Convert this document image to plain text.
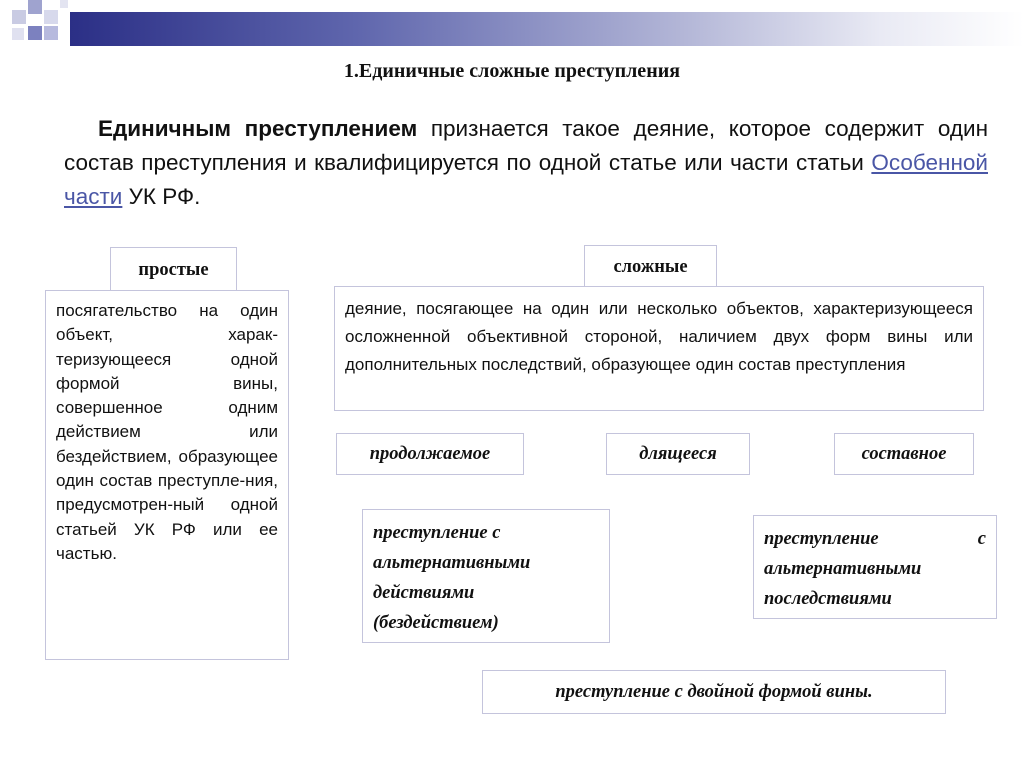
1.Единичные сложные преступления
Единичным преступлением признается такое деяние, которое содержит один состав преступления и квалифицируется по одной статье или части статьи Особенной части УК РФ.
простые
посягательство на один объект, харак-теризующееся одной формой вины, совершенное одним действием или бездействием, образующее один состав преступле-ния, предусмотрен-ный одной статьей УК РФ или ее частью.
сложные
деяние, посягающее на один или несколько объектов, характеризующееся осложненной объективной стороной, наличием двух форм вины или дополнительных последствий, образующее один состав преступления
продолжаемое	длящееся	составное
преступление с альтернативными действиями (бездействием)
преступление с альтернативными последствиями
преступление с двойной формой вины.
